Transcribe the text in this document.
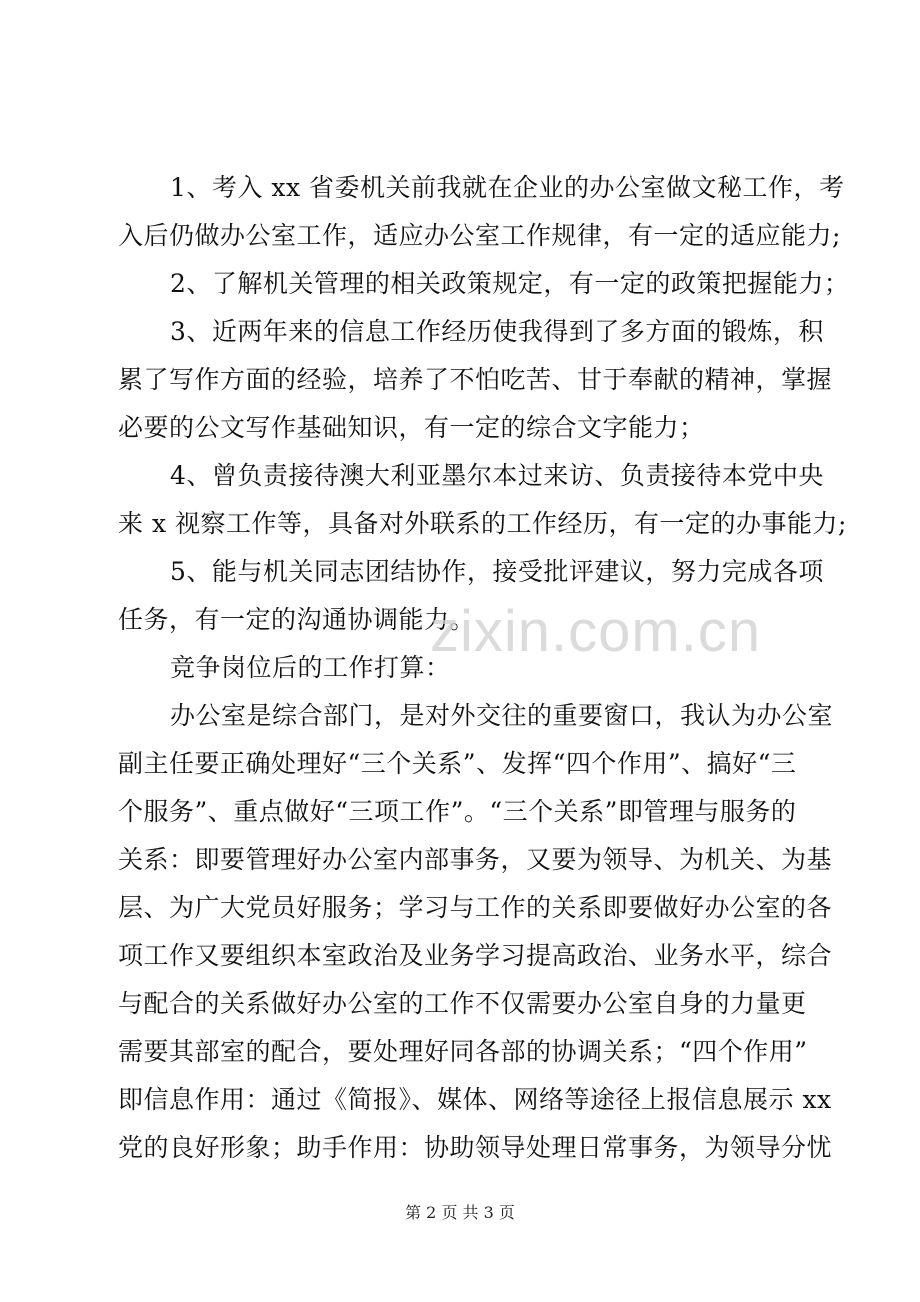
1、考入 xx 省委机关前我就在企业的办公室做文秘工作，考
入后仍做办公室工作，适应办公室工作规律，有一定的适应能力;
2、了解机关管理的相关政策规定，有一定的政策把握能力；
3、近两年来的信息工作经历使我得到了多方面的锻炼，积
累了写作方面的经验，培养了不怕吃苦、甘于奉献的精神，掌握
必要的公文写作基础知识，有一定的综合文字能力；
4、曾负责接待澳大利亚墨尔本过来访、负责接待本党中央
来 x 视察工作等，具备对外联系的工作经历，有一定的办事能力;
5、能与机关同志团结协作，接受批评建议，努力完成各项
任务，有一定的沟通协调能力。
竞争岗位后的工作打算：
办公室是综合部门，是对外交往的重要窗口，我认为办公室
副主任要正确处理好“三个关系”、发挥“四个作用”、搞好“三
个服务”、重点做好“三项工作”。“三个关系”即管理与服务的
关系：即要管理好办公室内部事务，又要为领导、为机关、为基
层、为广大党员好服务；学习与工作的关系即要做好办公室的各
项工作又要组织本室政治及业务学习提高政治、业务水平，综合
与配合的关系做好办公室的工作不仅需要办公室自身的力量更
需要其部室的配合，要处理好同各部的协调关系；“四个作用”
即信息作用：通过《简报》、媒体、网络等途径上报信息展示 xx
党的良好形象；助手作用：协助领导处理日常事务，为领导分忧
zixin.com.cn
第 2 页 共 3 页
